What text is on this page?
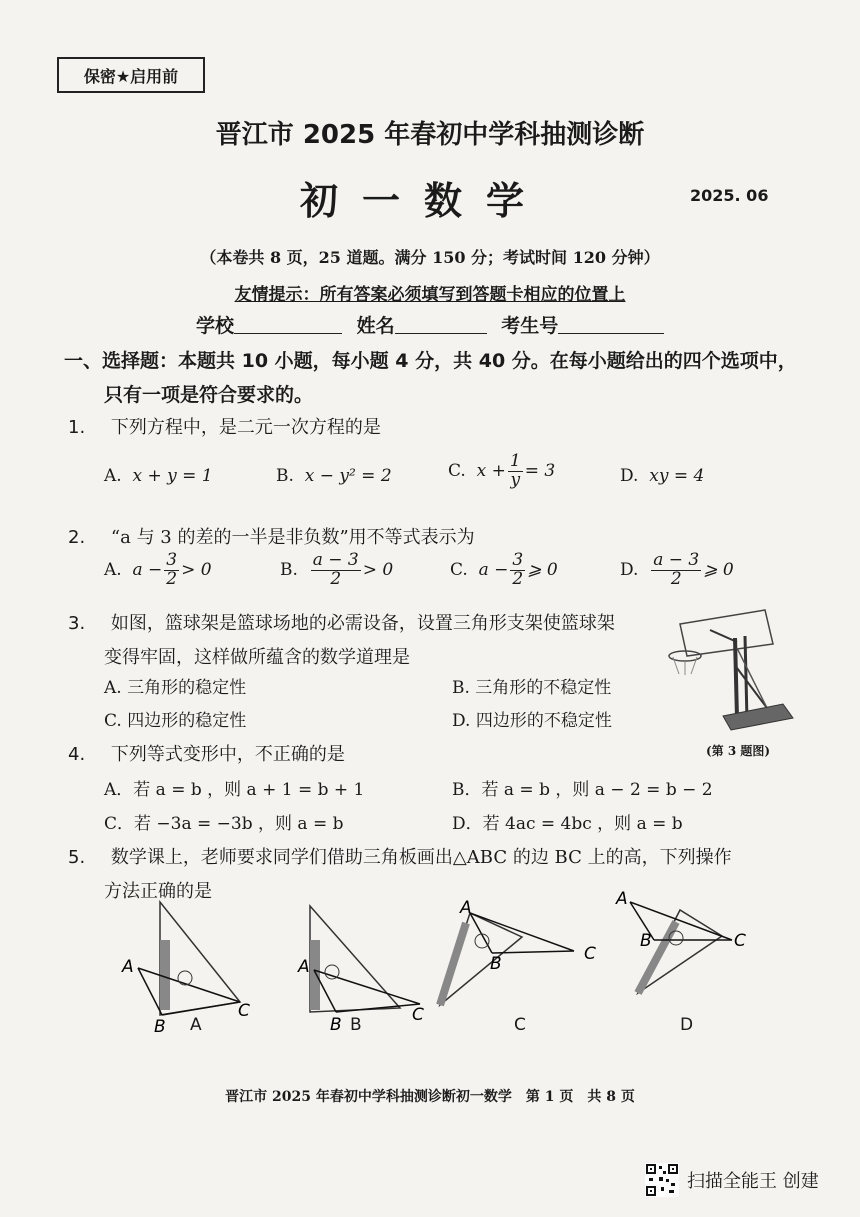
保密★启用前
晋江市 2025 年春初中学科抽测诊断
初一数学	2025. 06
（本卷共 8 页，25 道题。满分 150 分；考试时间 120 分钟）
友情提示：所有答案必须填写到答题卡相应的位置上
学校	姓名	考生号
一、选择题：本题共 10 小题，每小题 4 分，共 40 分。在每小题给出的四个选项中，
只有一项是符合要求的。
1. 下列方程中，是二元一次方程的是
A. x + y = 1	B. x − y² = 2	C. $x + \frac{1}{y} = 3$	D. xy = 4
2. “a 与 3 的差的一半是非负数”用不等式表示为
A. $a - \frac{3}{2} > 0$	B. $\frac{a - 3}{2} > 0$	C. $a - \frac{3}{2}$ ⩾ 0	D. $\frac{a - 3}{2}$ ⩾ 0
3. 如图，篮球架是篮球场地的必需设备，设置三角形支架使篮球架
变得牢固，这样做所蕴含的数学道理是
A. 三角形的稳定性	B. 三角形的不稳定性
C. 四边形的稳定性	D. 四边形的不稳定性
(第 3 题图)
4. 下列等式变形中，不正确的是
A．若 a = b ，则 a + 1 = b + 1	B．若 a = b ，则 a − 2 = b − 2
C．若 −3a = −3b ，则 a = b	D．若 4ac = 4bc ，则 a = b
5. 数学课上，老师要求同学们借助三角板画出△ABC 的边 BC 上的高，下列操作
方法正确的是
A
B
C
A
A
B	C
B
A
B	C
C
A
B	C
D
晋江市 2025 年春初中学科抽测诊断初一数学　第 1 页　共 8 页
扫描全能王 创建
